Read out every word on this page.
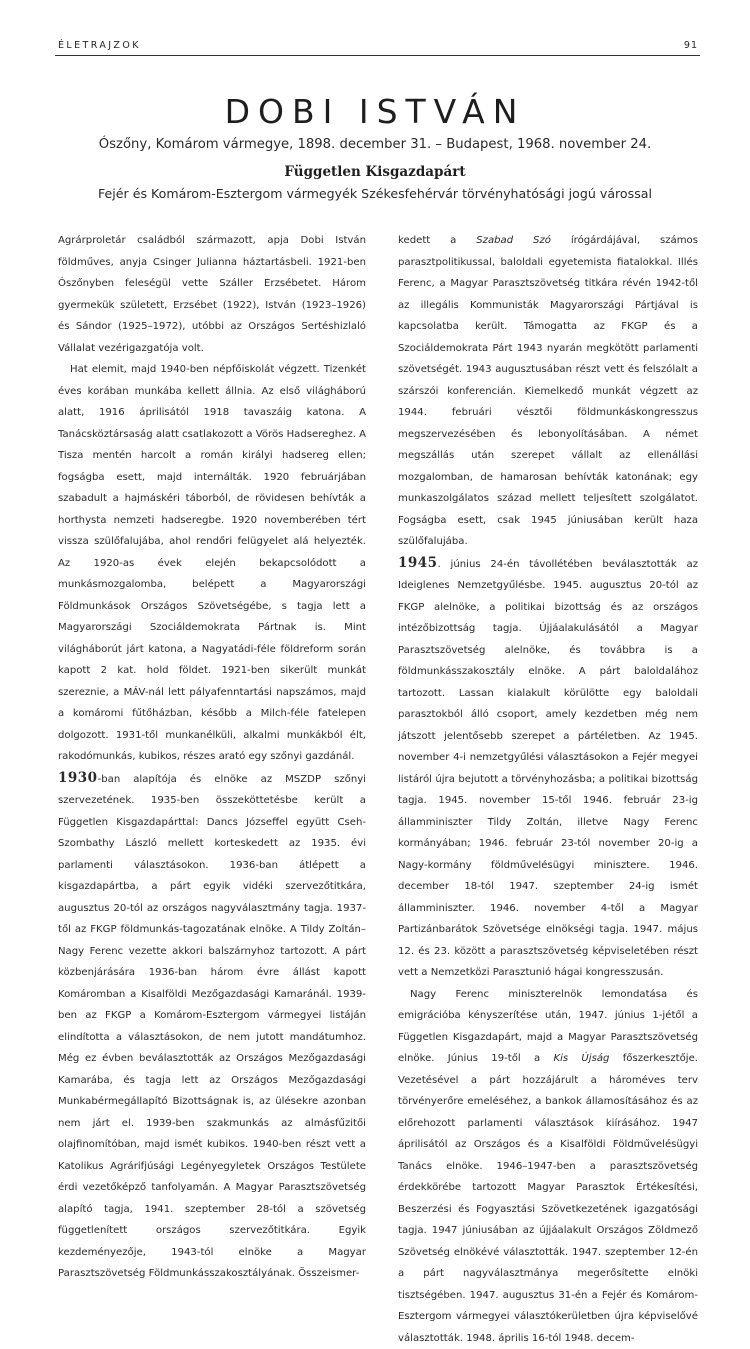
ÉLETRAJZOK	91
DOBI ISTVÁN
Ószőny, Komárom vármegye, 1898. december 31. – Budapest, 1968. november 24.
Független Kisgazdapárt
Fejér és Komárom-Esztergom vármegyék Székesfehérvár törvényhatósági jogú várossal

Agrárproletár családból származott, apja Dobi István földműves, anyja Csinger Julianna háztartásbeli. 1921-ben Ószőnyben feleségül vette Száller Erzsébetet. Három gyermekük született, Erzsébet (1922), István (1923–1926) és Sándor (1925–1972), utóbbi az Országos Sertéshizlaló Vállalat vezérigazgatója volt.

Hat elemit, majd 1940-ben népfőiskolát végzett. Tizenkét éves korában munkába kellett állnia. Az első világháború alatt, 1916 áprilisától 1918 tavaszáig katona. A Tanácsköztársaság alatt csatlakozott a Vörös Hadsereghez. A Tisza mentén harcolt a román királyi hadsereg ellen; fogságba esett, majd internálták. 1920 februárjában szabadult a hajmáskéri táborból, de rövidesen behívták a horthysta nemzeti hadseregbe. 1920 novemberében tért vissza szülőfalujába, ahol rendőri felügyelet alá helyezték. Az 1920-as évek elején bekapcsolódott a munkásmozgalomba, belépett a Magyarországi Földmunkások Országos Szövetségébe, s tagja lett a Magyarországi Szociáldemokrata Pártnak is. Mint világháborút járt katona, a Nagyatádi-féle földreform során kapott 2 kat. hold földet. 1921-ben sikerült munkát szereznie, a MÁV-nál lett pályafenntartási napszámos, majd a komáromi fűtőházban, később a Milch-féle fatelepen dolgozott. 1931-től munkanélküli, alkalmi munkákból élt, rakodómunkás, kubikos, részes arató egy szőnyi gazdánál.

1930-ban alapítója és elnöke az MSZDP szőnyi szervezetének. 1935-ben összeköttetésbe került a Független Kisgazdapárttal: Dancs Józseffel együtt Cseh-Szombathy László mellett korteskedett az 1935. évi parlamenti választásokon. 1936-ban átlépett a kisgazdapártba, a párt egyik vidéki szervezőtitkára, augusztus 20-tól az országos nagyválasztmány tagja. 1937-től az FKGP földmunkás-tagozatának elnöke. A Tildy Zoltán–Nagy Ferenc vezette akkori balszárnyhoz tartozott. A párt közbenjárására 1936-ban három évre állást kapott Komáromban a Kisalföldi Mezőgazdasági Kamaránál. 1939-ben az FKGP a Komárom-Esztergom vármegyei listáján elindította a választásokon, de nem jutott mandátumhoz. Még ez évben beválasztották az Országos Mezőgazdasági Kamarába, és tagja lett az Országos Mezőgazdasági Munkabérmegállapító Bizottságnak is, az ülésekre azonban nem járt el. 1939-ben szakmunkás az almásfűzitői olajfinomítóban, majd ismét kubikos. 1940-ben részt vett a Katolikus Agrárifjúsági Legényegyletek Országos Testülete érdi vezetőképző tanfolyamán. A Magyar Parasztszövetség alapító tagja, 1941. szeptember 28-tól a szövetség függetlenített országos szervezőtitkára. Egyik kezdeményezője, 1943-tól elnöke a Magyar Parasztszövetség Földmunkásszakosztályának. Összeismer-

kedett a Szabad Szó írógárdájával, számos parasztpolitikussal, baloldali egyetemista fiatalokkal. Illés Ferenc, a Magyar Parasztszövetség titkára révén 1942-től az illegális Kommunisták Magyarországi Pártjával is kapcsolatba került. Támogatta az FKGP és a Szociáldemokrata Párt 1943 nyarán megkötött parlamenti szövetségét. 1943 augusztusában részt vett és felszólalt a szárszói konferencián. Kiemelkedő munkát végzett az 1944. februári vésztői földmunkáskongresszus megszervezésében és lebonyolításában. A német megszállás után szerepet vállalt az ellenállási mozgalomban, de hamarosan behívták katonának; egy munkaszolgálatos század mellett teljesített szolgálatot. Fogságba esett, csak 1945 júniusában került haza szülőfalujába.

1945. június 24-én távollétében beválasztották az Ideiglenes Nemzetgyűlésbe. 1945. augusztus 20-tól az FKGP alelnöke, a politikai bizottság és az országos intézőbizottság tagja. Újjáalakulásától a Magyar Parasztszövetség alelnöke, és továbbra is a földmunkásszakosztály elnöke. A párt baloldalához tartozott. Lassan kialakult körülötte egy baloldali parasztokból álló csoport, amely kezdetben még nem játszott jelentősebb szerepet a pártéletben. Az 1945. november 4-i nemzetgyűlési választásokon a Fejér megyei listáról újra bejutott a törvényhozásba; a politikai bizottság tagja. 1945. november 15-től 1946. február 23-ig államminiszter Tildy Zoltán, illetve Nagy Ferenc kormányában; 1946. február 23-tól november 20-ig a Nagy-kormány földművelésügyi minisztere. 1946. december 18-tól 1947. szeptember 24-ig ismét államminiszter. 1946. november 4-től a Magyar Partizánbarátok Szövetsége elnökségi tagja. 1947. május 12. és 23. között a parasztszövetség képviseletében részt vett a Nemzetközi Parasztunió hágai kongresszusán.

Nagy Ferenc miniszterelnök lemondatása és emigrációba kényszerítése után, 1947. június 1-jétől a Független Kisgazdapárt, majd a Magyar Parasztszövetség elnöke. Június 19-től a Kis Újság főszerkesztője. Vezetésével a párt hozzájárult a hároméves terv törvényerőre emeléséhez, a bankok államosításához és az előrehozott parlamenti választások kiírásához. 1947 áprilisától az Országos és a Kisalföldi Földművelésügyi Tanács elnöke. 1946–1947-ben a parasztszövetség érdekkörébe tartozott Magyar Parasztok Értékesítési, Beszerzési és Fogyasztási Szövetkezetének igazgatósági tagja. 1947 júniusában az újjáalakult Országos Zöldmező Szövetség elnökévé választották. 1947. szeptember 12-én a párt nagyválasztmánya megerősítette elnöki tisztségében. 1947. augusztus 31-én a Fejér és Komárom-Esztergom vármegyei választókerületben újra képviselővé választották. 1948. április 16-tól 1948. decem-
